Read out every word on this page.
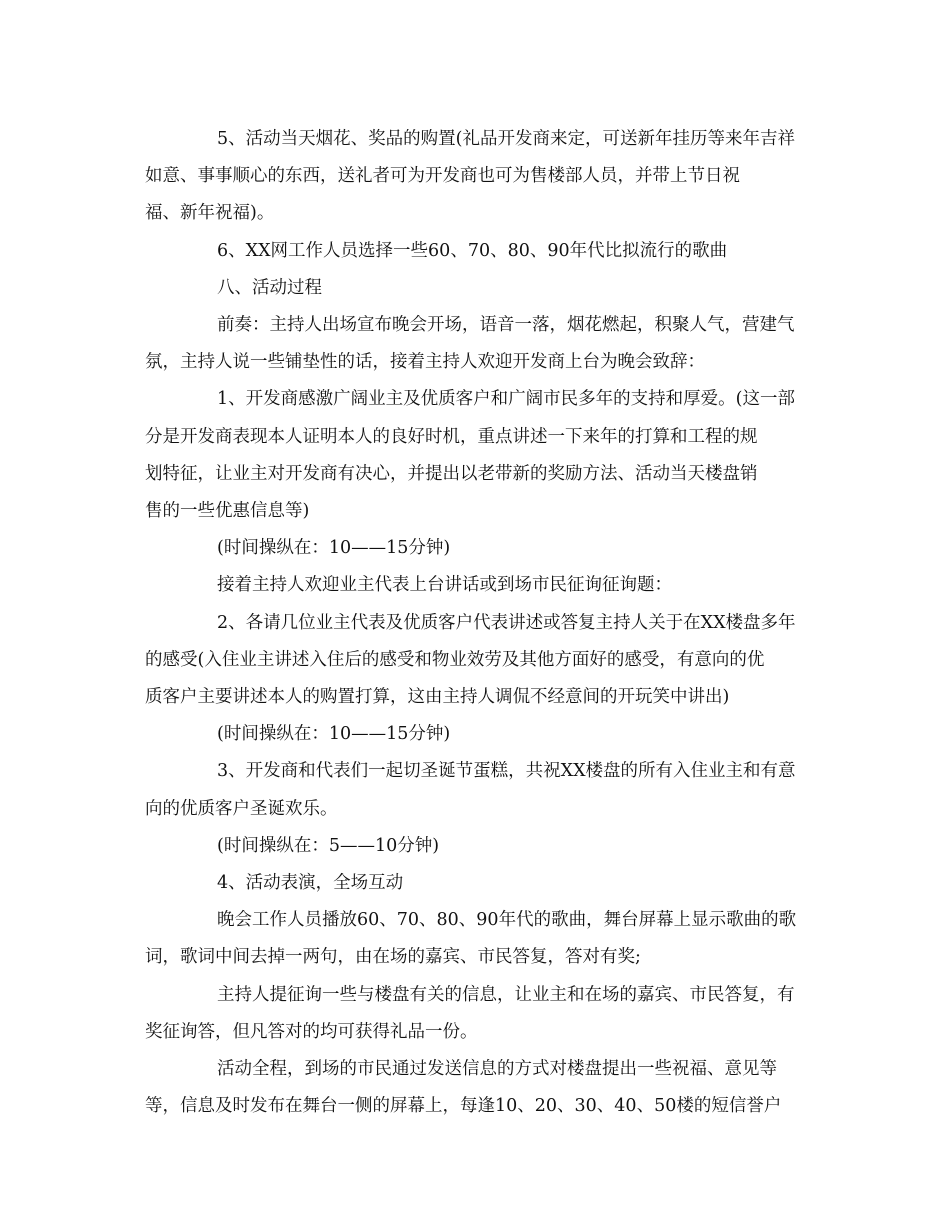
5、活动当天烟花、奖品的购置(礼品开发商来定，可送新年挂历等来年吉祥
如意、事事顺心的东西，送礼者可为开发商也可为售楼部人员，并带上节日祝
福、新年祝福)。
6、XX网工作人员选择一些60、70、80、90年代比拟流行的歌曲
八、活动过程
前奏：主持人出场宣布晚会开场，语音一落，烟花燃起，积聚人气，营建气
氛，主持人说一些铺垫性的话，接着主持人欢迎开发商上台为晚会致辞：
1、开发商感激广阔业主及优质客户和广阔市民多年的支持和厚爱。(这一部
分是开发商表现本人证明本人的良好时机，重点讲述一下来年的打算和工程的规
划特征，让业主对开发商有决心，并提出以老带新的奖励方法、活动当天楼盘销
售的一些优惠信息等)
(时间操纵在：10——15分钟)
接着主持人欢迎业主代表上台讲话或到场市民征询征询题：
2、各请几位业主代表及优质客户代表讲述或答复主持人关于在XX楼盘多年
的感受(入住业主讲述入住后的感受和物业效劳及其他方面好的感受，有意向的优
质客户主要讲述本人的购置打算，这由主持人调侃不经意间的开玩笑中讲出)
(时间操纵在：10——15分钟)
3、开发商和代表们一起切圣诞节蛋糕，共祝XX楼盘的所有入住业主和有意
向的优质客户圣诞欢乐。
(时间操纵在：5——10分钟)
4、活动表演，全场互动
晚会工作人员播放60、70、80、90年代的歌曲，舞台屏幕上显示歌曲的歌
词，歌词中间去掉一两句，由在场的嘉宾、市民答复，答对有奖;
主持人提征询一些与楼盘有关的信息，让业主和在场的嘉宾、市民答复，有
奖征询答，但凡答对的均可获得礼品一份。
活动全程，到场的市民通过发送信息的方式对楼盘提出一些祝福、意见等
等，信息及时发布在舞台一侧的屏幕上，每逢10、20、30、40、50楼的短信誉户
